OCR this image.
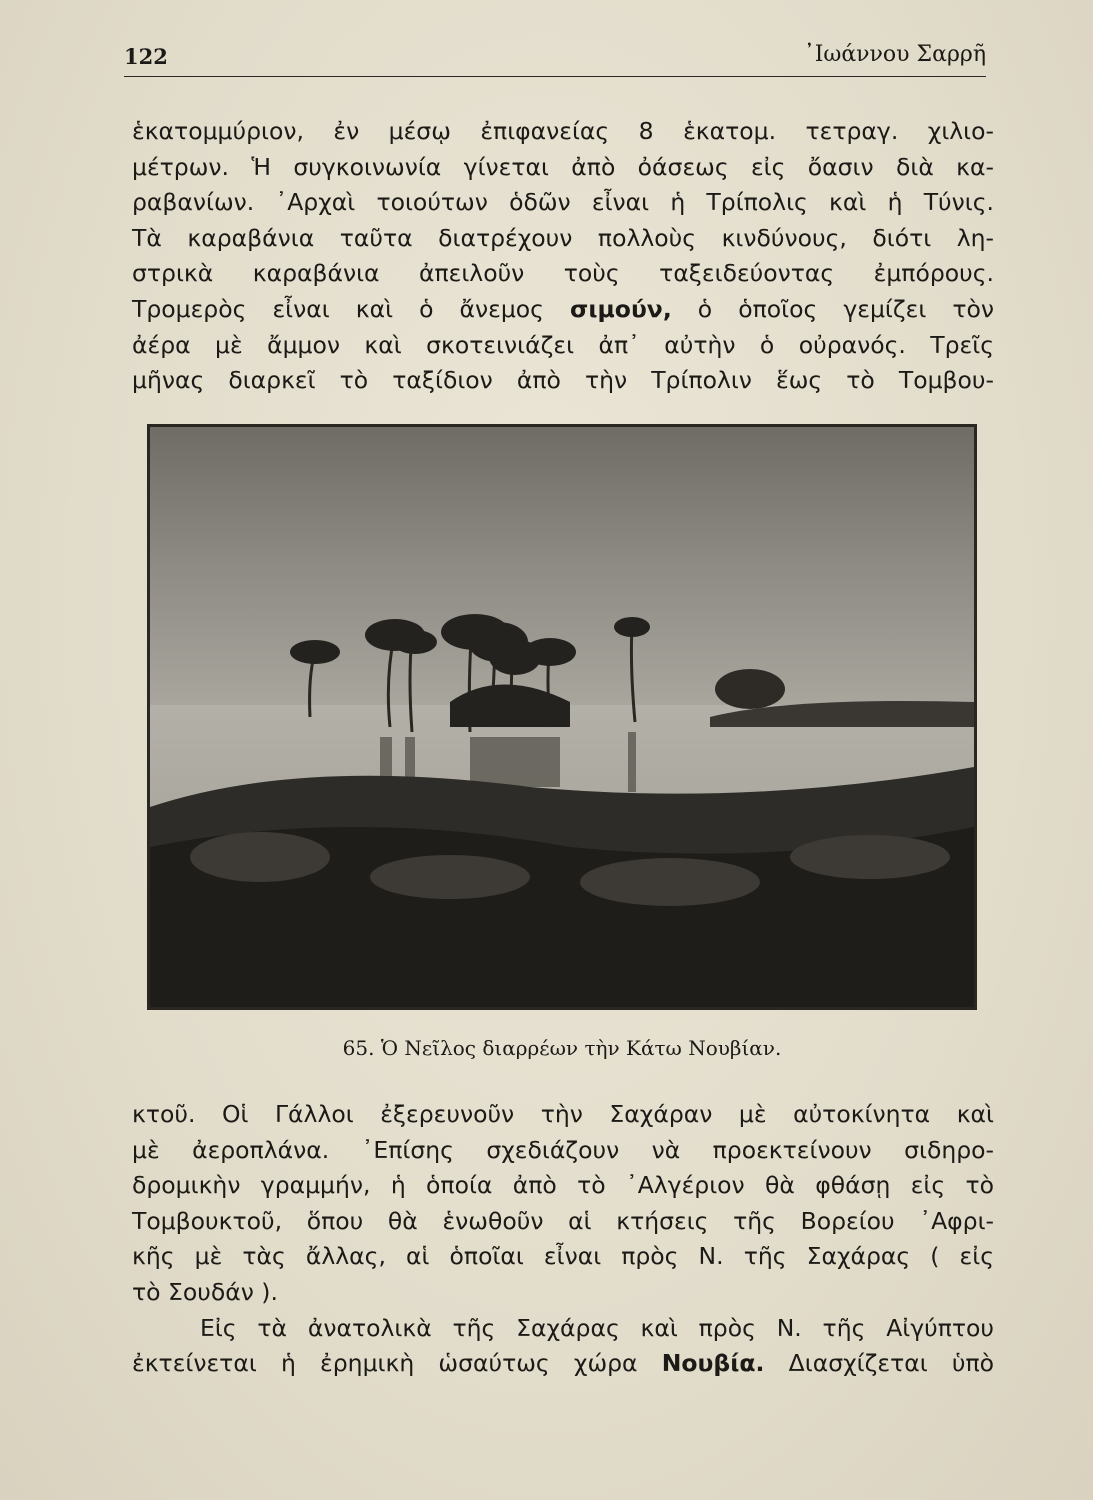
122	᾿Ιωάννου Σαρρῆ
ἑκατομμύριον, ἐν μέσῳ ἐπιφανείας 8 ἑκατομ. τετραγ. χιλιο-
μέτρων. Ἡ συγκοινωνία γίνεται ἀπὸ ὀάσεως εἰς ὄασιν διὰ κα-
ραβανίων. ᾿Αρχαὶ τοιούτων ὁδῶν εἶναι ἡ Τρίπολις καὶ ἡ Τύνις.
Τὰ καραβάνια ταῦτα διατρέχουν πολλοὺς κινδύνους, διότι λη-
στρικὰ καραβάνια ἀπειλοῦν τοὺς ταξειδεύοντας ἐμπόρους.
Τρομερὸς εἶναι καὶ ὁ ἄνεμος σιμούν, ὁ ὁποῖος γεμίζει τὸν
ἀέρα μὲ ἄμμον καὶ σκοτεινιάζει ἀπ᾿ αὐτὴν ὁ οὐρανός. Τρεῖς
μῆνας διαρκεῖ τὸ ταξίδιον ἀπὸ τὴν Τρίπολιν ἕως τὸ Τομβου-
65. Ὁ Νεῖλος διαρρέων τὴν Κάτω Νουβίαν.
κτοῦ. Οἱ Γάλλοι ἐξερευνοῦν τὴν Σαχάραν μὲ αὐτοκίνητα καὶ
μὲ ἀεροπλάνα. ᾿Επίσης σχεδιάζουν νὰ προεκτείνουν σιδηρο-
δρομικὴν γραμμήν, ἡ ὁποία ἀπὸ τὸ ᾿Αλγέριον θὰ φθάσῃ εἰς τὸ
Τομβουκτοῦ, ὅπου θὰ ἑνωθοῦν αἱ κτήσεις τῆς Βορείου ᾿Αφρι-
κῆς μὲ τὰς ἄλλας, αἱ ὁποῖαι εἶναι πρὸς Ν. τῆς Σαχάρας ( εἰς
τὸ Σουδάν ).
Εἰς τὰ ἀνατολικὰ τῆς Σαχάρας καὶ πρὸς Ν. τῆς Αἰγύπτου
ἐκτείνεται ἡ ἐρημικὴ ὡσαύτως χώρα Νουβία. Διασχίζεται ὑπὸ
